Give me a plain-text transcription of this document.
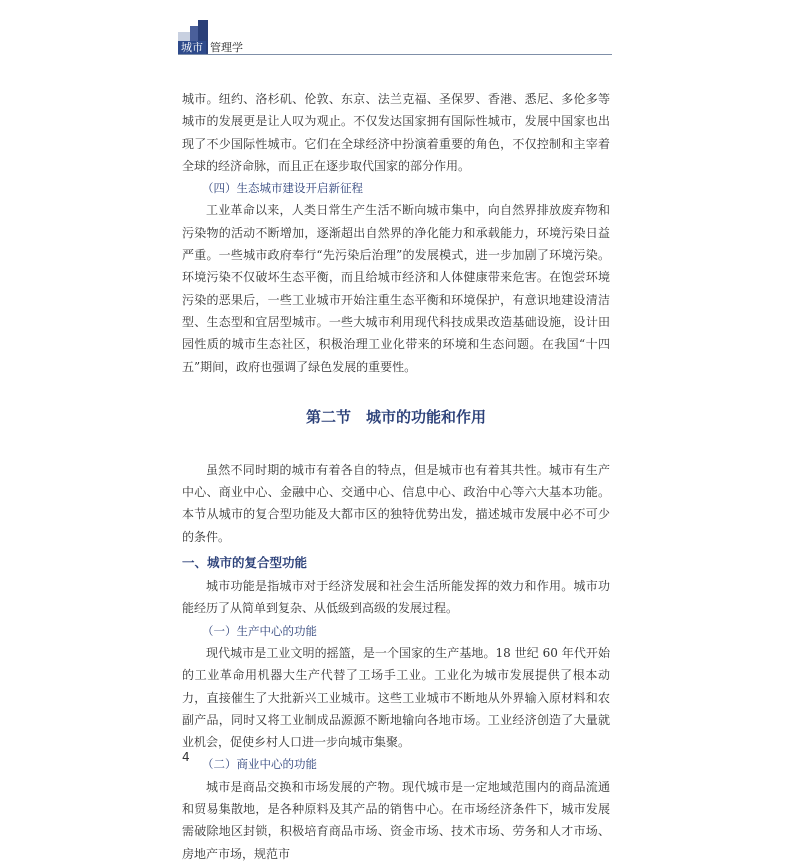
城市 管理学

城市。纽约、洛杉矶、伦敦、东京、法兰克福、圣保罗、香港、悉尼、多伦多等城市的发展更是让人叹为观止。不仅发达国家拥有国际性城市，发展中国家也出现了不少国际性城市。它们在全球经济中扮演着重要的角色，不仅控制和主宰着全球的经济命脉，而且正在逐步取代国家的部分作用。

（四）生态城市建设开启新征程

工业革命以来，人类日常生产生活不断向城市集中，向自然界排放废弃物和污染物的活动不断增加，逐渐超出自然界的净化能力和承载能力，环境污染日益严重。一些城市政府奉行“先污染后治理”的发展模式，进一步加剧了环境污染。环境污染不仅破坏生态平衡，而且给城市经济和人体健康带来危害。在饱尝环境污染的恶果后，一些工业城市开始注重生态平衡和环境保护，有意识地建设清洁型、生态型和宜居型城市。一些大城市利用现代科技成果改造基础设施，设计田园性质的城市生态社区，积极治理工业化带来的环境和生态问题。在我国“十四五”期间，政府也强调了绿色发展的重要性。

第二节　城市的功能和作用

虽然不同时期的城市有着各自的特点，但是城市也有着其共性。城市有生产中心、商业中心、金融中心、交通中心、信息中心、政治中心等六大基本功能。本节从城市的复合型功能及大都市区的独特优势出发，描述城市发展中必不可少的条件。

一、城市的复合型功能

城市功能是指城市对于经济发展和社会生活所能发挥的效力和作用。城市功能经历了从简单到复杂、从低级到高级的发展过程。

（一）生产中心的功能

现代城市是工业文明的摇篮，是一个国家的生产基地。18 世纪 60 年代开始的工业革命用机器大生产代替了工场手工业。工业化为城市发展提供了根本动力，直接催生了大批新兴工业城市。这些工业城市不断地从外界输入原材料和农副产品，同时又将工业制成品源源不断地输向各地市场。工业经济创造了大量就业机会，促使乡村人口进一步向城市集聚。

（二）商业中心的功能

城市是商品交换和市场发展的产物。现代城市是一定地域范围内的商品流通和贸易集散地，是各种原料及其产品的销售中心。在市场经济条件下，城市发展需破除地区封锁，积极培育商品市场、资金市场、技术市场、劳务和人才市场、房地产市场，规范市

4
